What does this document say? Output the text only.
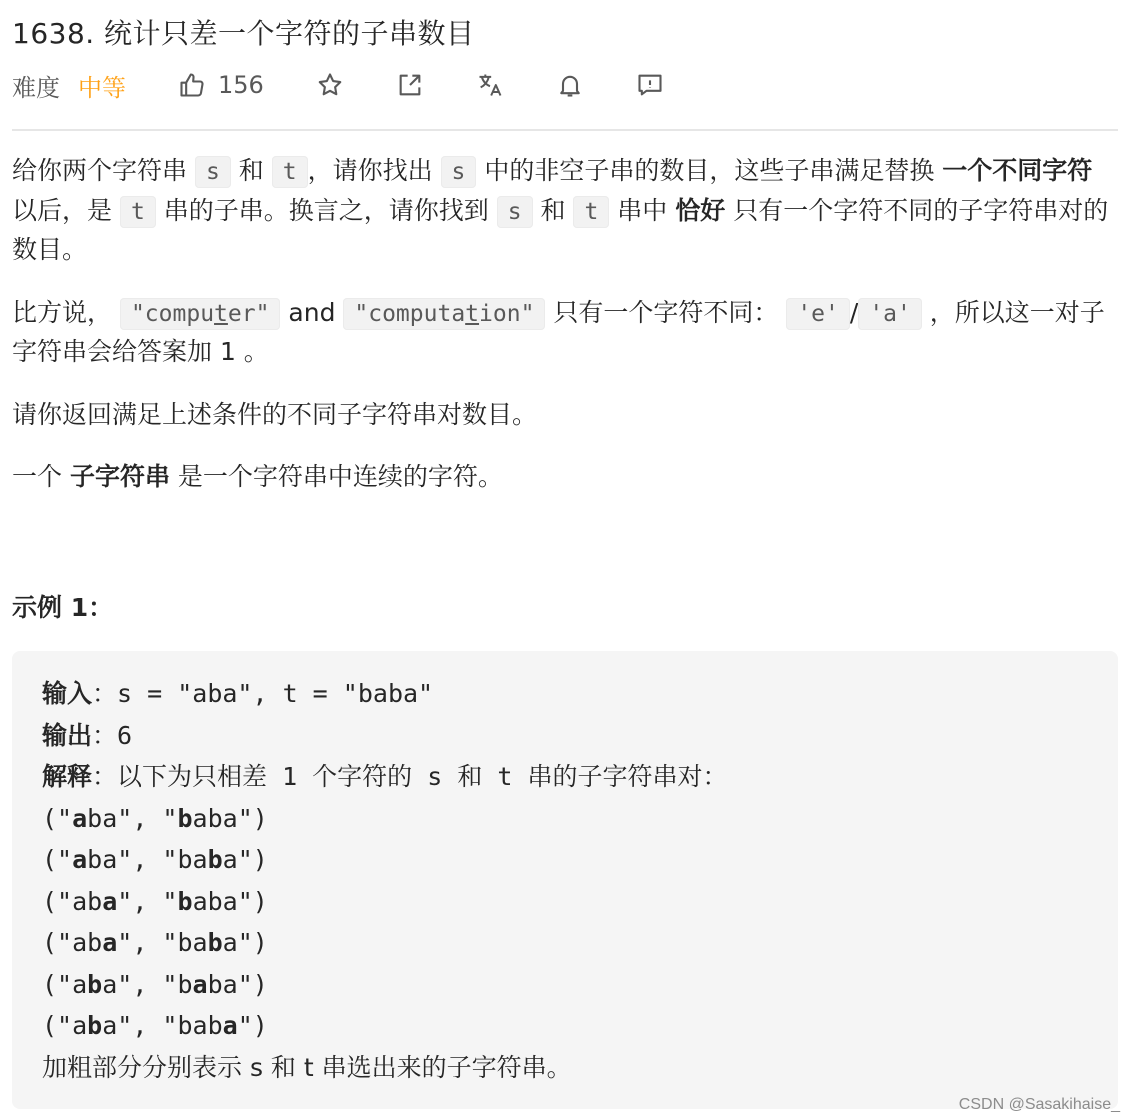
1638. 统计只差一个字符的子串数目
难度 中等	156

给你两个字符串 s 和 t ，请你找出 s 中的非空子串的数目，这些子串满足替换 一个不同字符 以后，是 t 串的子串。换言之，请你找到 s 和 t 串中 恰好 只有一个字符不同的子字符串对的数目。

比方说， "computer" and "computation" 只有一个字符不同： 'e' / 'a' ，所以这一对子字符串会给答案加 1 。

请你返回满足上述条件的不同子字符串对数目。

一个 子字符串 是一个字符串中连续的字符。

示例 1：
输入：s = "aba", t = "baba"
输出：6
解释：以下为只相差 1 个字符的 s 和 t 串的子字符串对：
("aba", "baba")
("aba", "baba")
("aba", "baba")
("aba", "baba")
("aba", "baba")
("aba", "baba")
加粗部分分别表示 s 和 t 串选出来的子字符串。
CSDN @Sasakihaise_
